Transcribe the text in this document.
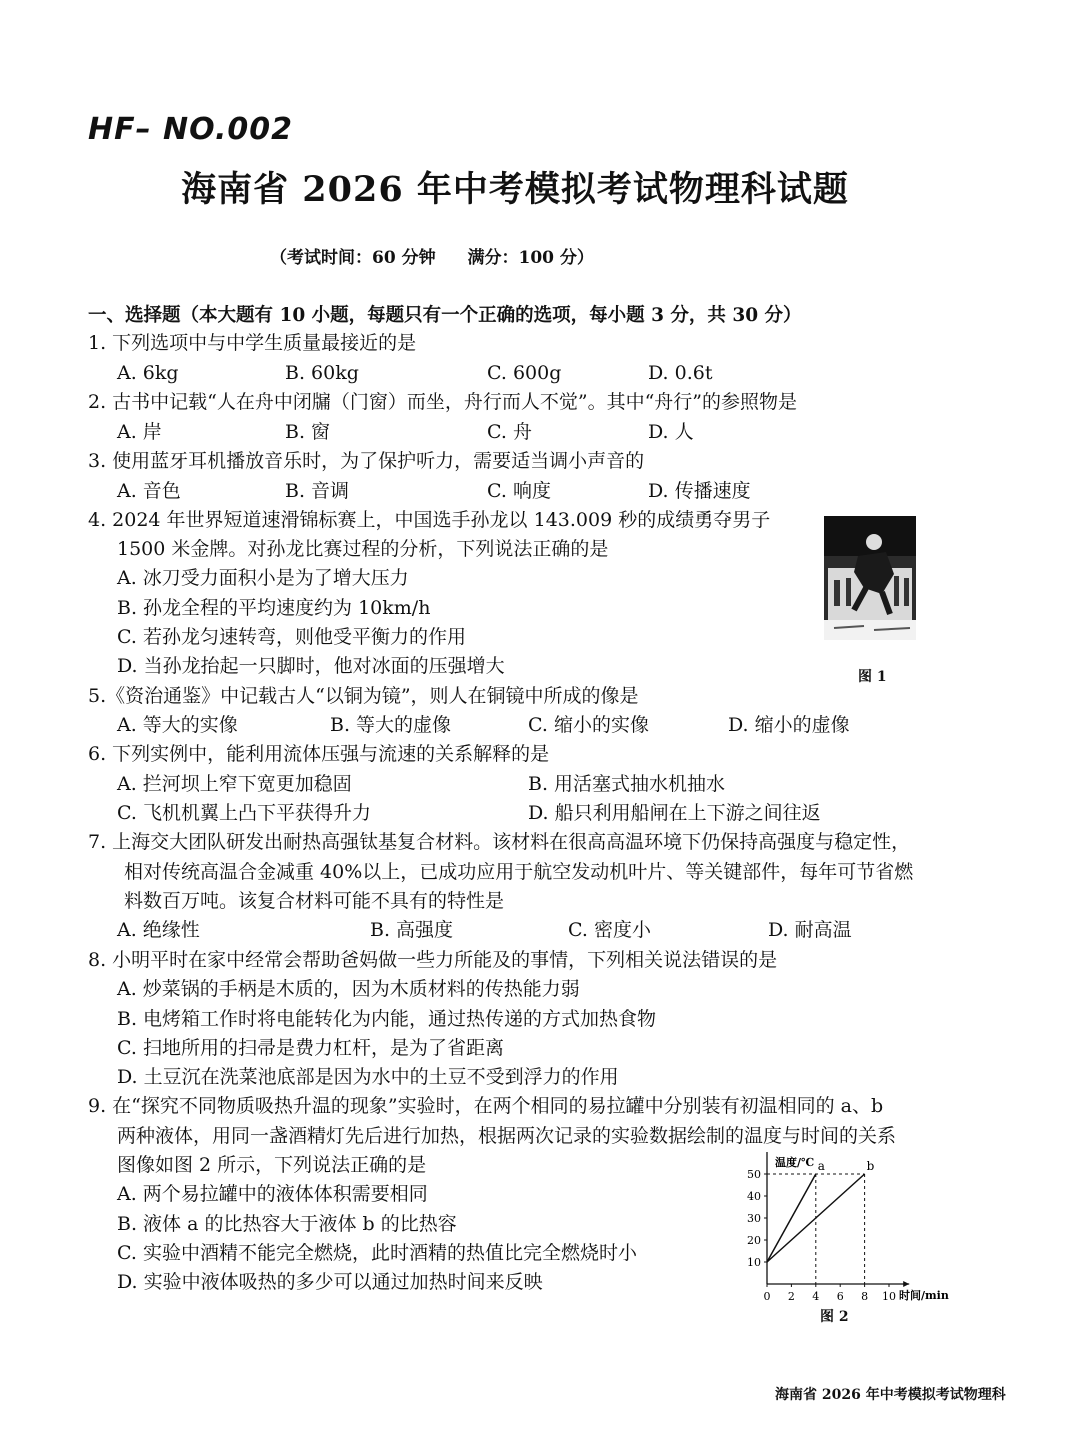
HF– NO.002
海南省 2026 年中考模拟考试物理科试题
（考试时间：60 分钟 满分：100 分）
一、选择题（本大题有 10 小题，每题只有一个正确的选项，每小题 3 分，共 30 分）
1. 下列选项中与中学生质量最接近的是
A. 6kg	B. 60kg	C. 600g	D. 0.6t
2. 古书中记载“人在舟中闭牖（门窗）而坐，舟行而人不觉”。其中“舟行”的参照物是
A. 岸	B. 窗	C. 舟	D. 人
3. 使用蓝牙耳机播放音乐时，为了保护听力，需要适当调小声音的
A. 音色	B. 音调	C. 响度	D. 传播速度
4. 2024 年世界短道速滑锦标赛上，中国选手孙龙以 143.009 秒的成绩勇夺男子
1500 米金牌。对孙龙比赛过程的分析，下列说法正确的是
A. 冰刀受力面积小是为了增大压力
B. 孙龙全程的平均速度约为 10km/h
C. 若孙龙匀速转弯，则他受平衡力的作用
D. 当孙龙抬起一只脚时，他对冰面的压强增大	图 1
5.《资治通鉴》中记载古人“以铜为镜”，则人在铜镜中所成的像是
A. 等大的实像	B. 等大的虚像	C. 缩小的实像	D. 缩小的虚像
6. 下列实例中，能利用流体压强与流速的关系解释的是
A. 拦河坝上窄下宽更加稳固	B. 用活塞式抽水机抽水
C. 飞机机翼上凸下平获得升力	D. 船只利用船闸在上下游之间往返
7. 上海交大团队研发出耐热高强钛基复合材料。该材料在很高高温环境下仍保持高强度与稳定性，
相对传统高温合金减重 40%以上，已成功应用于航空发动机叶片、等关键部件，每年可节省燃
料数百万吨。该复合材料可能不具有的特性是
A. 绝缘性	B. 高强度	C. 密度小	D. 耐高温
8. 小明平时在家中经常会帮助爸妈做一些力所能及的事情，下列相关说法错误的是
A. 炒菜锅的手柄是木质的，因为木质材料的传热能力弱
B. 电烤箱工作时将电能转化为内能，通过热传递的方式加热食物
C. 扫地所用的扫帚是费力杠杆，是为了省距离
D. 土豆沉在洗菜池底部是因为水中的土豆不受到浮力的作用
9. 在“探究不同物质吸热升温的现象”实验时，在两个相同的易拉罐中分别装有初温相同的 a、b
两种液体，用同一盏酒精灯先后进行加热，根据两次记录的实验数据绘制的温度与时间的关系
图像如图 2 所示，下列说法正确的是
A. 两个易拉罐中的液体体积需要相同
B. 液体 a 的比热容大于液体 b 的比热容
C. 实验中酒精不能完全燃烧，此时酒精的热值比完全燃烧时小
D. 实验中液体吸热的多少可以通过加热时间来反映
10
20
30
40
50
0 2 4 6 8 10
a	b
温度/℃
时间/min
图 2
海南省 2026 年中考模拟考试物理科
